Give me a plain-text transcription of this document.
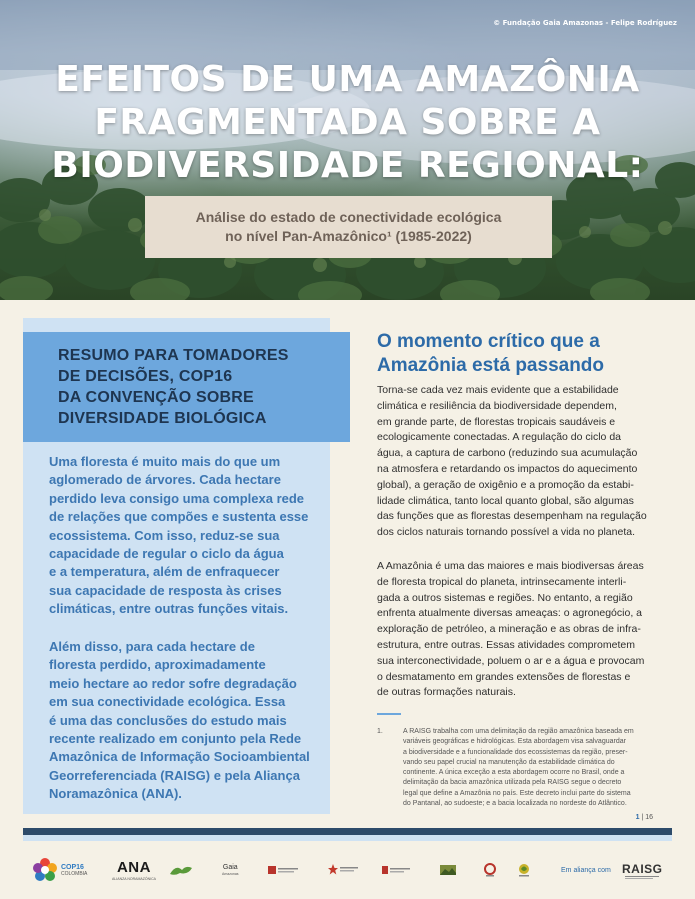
© Fundação Gaia Amazonas - Felipe Rodríguez
EFEITOS DE UMA AMAZÔNIA
FRAGMENTADA SOBRE A
BIODIVERSIDADE REGIONAL:
Análise do estado de conectividade ecológica
no nível Pan-Amazônico¹ (1985-2022)
RESUMO PARA TOMADORES
DE DECISÕES, COP16
DA CONVENÇÃO SOBRE
DIVERSIDADE BIOLÓGICA
Uma floresta é muito mais do que um
aglomerado de árvores. Cada hectare
perdido leva consigo uma complexa rede
de relações que compões e sustenta esse
ecossistema. Com isso, reduz-se sua
capacidade de regular o ciclo da água
e a temperatura, além de enfraquecer
sua capacidade de resposta às crises
climáticas, entre outras funções vitais.
Além disso, para cada hectare de
floresta perdido, aproximadamente
meio hectare ao redor sofre degradação
em sua conectividade ecológica. Essa
é uma das conclusões do estudo mais
recente realizado em conjunto pela Rede
Amazônica de Informação Socioambiental
Georreferenciada (RAISG) e pela Aliança
Noramazônica (ANA).
O momento crítico que a
Amazônia está passando
Torna-se cada vez mais evidente que a estabilidade
climática e resiliência da biodiversidade dependem,
em grande parte, de florestas tropicais saudáveis e
ecologicamente conectadas. A regulação do ciclo da
água, a captura de carbono (reduzindo sua acumulação
na atmosfera e retardando os impactos do aquecimento
global), a geração de oxigênio e a promoção da estabi-
lidade climática, tanto local quanto global, são algumas
das funções que as florestas desempenham na regulação
dos ciclos naturais tornando possível a vida no planeta.
A Amazônia é uma das maiores e mais biodiversas áreas
de floresta tropical do planeta, intrinsecamente interli-
gada a outros sistemas e regiões. No entanto, a região
enfrenta atualmente diversas ameaças: o agronegócio, a
exploração de petróleo, a mineração e as obras de infra-
estrutura, entre outras. Essas atividades comprometem
sua interconectividade, poluem o ar e a água e provocam
o desmatamento em grandes extensões de florestas e
de outras formações naturais.
1.	A RAISG trabalha com uma delimitação da região amazônica baseada em
variáveis geográficas e hidrológicas. Esta abordagem visa salvaguardar
a biodiversidade e a funcionalidade dos ecossistemas da região, preser-
vando seu papel crucial na manutenção da estabilidade climática do
continente. A única exceção a esta abordagem ocorre no Brasil, onde a
delimitação da bacia amazônica utilizada pela RAISG segue o decreto
legal que define a Amazônia no país. Este decreto inclui parte do sistema
do Pantanal, ao sudoeste; e a bacia localizada no nordeste do Atlântico.
1 | 16
COP16
COLOMBIA ANA
ALIANZA NORAMAZÓNICA
Gaia
Amazonas	Em aliança com RAISG
